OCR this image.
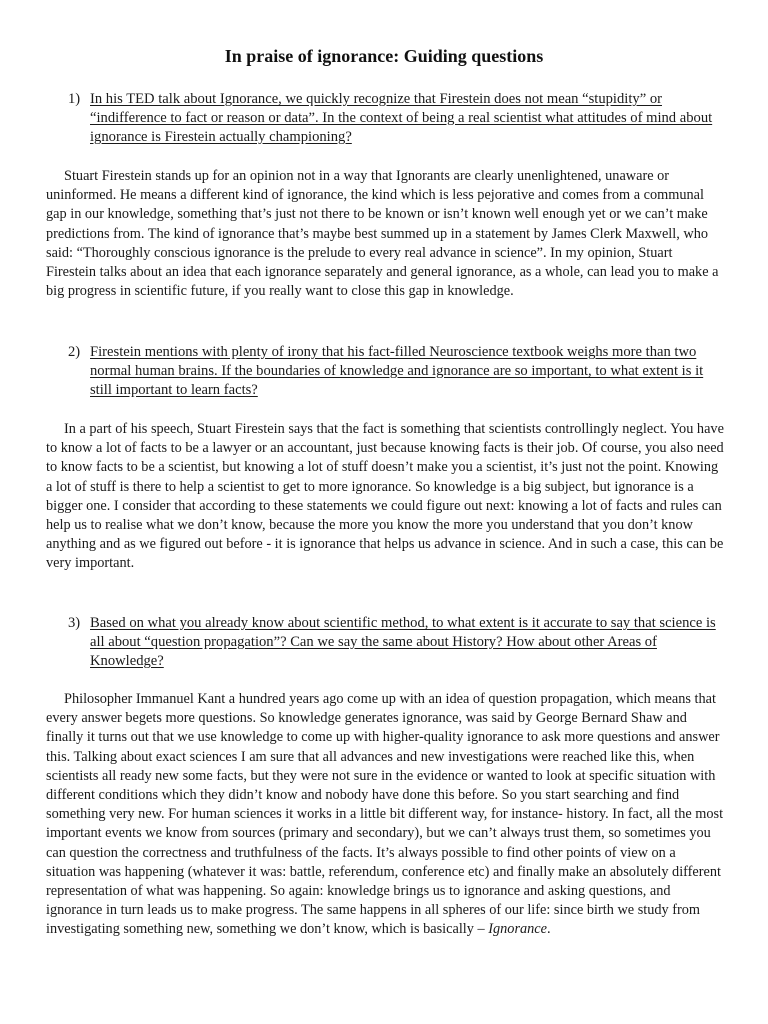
In praise of ignorance: Guiding questions
1) In his TED talk about Ignorance, we quickly recognize that Firestein does not mean “stupidity” or “indifference to fact or reason or data”. In the context of being a real scientist what attitudes of mind about ignorance is Firestein actually championing?

Stuart Firestein stands up for an opinion not in a way that Ignorants are clearly unenlightened, unaware or uninformed. He means a different kind of ignorance, the kind which is less pejorative and comes from a communal gap in our knowledge, something that’s just not there to be known or isn’t known well enough yet or we can’t make predictions from. The kind of ignorance that’s maybe best summed up in a statement by James Clerk Maxwell, who said: “Thoroughly conscious ignorance is the prelude to every real advance in science”. In my opinion, Stuart Firestein talks about an idea that each ignorance separately and general ignorance, as a whole, can lead you to make a big progress in scientific future, if you really want to close this gap in knowledge.

2) Firestein mentions with plenty of irony that his fact-filled Neuroscience textbook weighs more than two normal human brains. If the boundaries of knowledge and ignorance are so important, to what extent is it still important to learn facts?

In a part of his speech, Stuart Firestein says that the fact is something that scientists controllingly neglect. You have to know a lot of facts to be a lawyer or an accountant, just because knowing facts is their job. Of course, you also need to know facts to be a scientist, but knowing a lot of stuff doesn’t make you a scientist, it’s just not the point. Knowing a lot of stuff is there to help a scientist to get to more ignorance. So knowledge is a big subject, but ignorance is a bigger one. I consider that according to these statements we could figure out next: knowing a lot of facts and rules can help us to realise what we don’t know, because the more you know the more you understand that you don’t know anything and as we figured out before - it is ignorance that helps us advance in science. And in such a case, this can be very important.

3) Based on what you already know about scientific method, to what extent is it accurate to say that science is all about “question propagation”? Can we say the same about History? How about other Areas of Knowledge?

Philosopher Immanuel Kant a hundred years ago come up with an idea of question propagation, which means that every answer begets more questions. So knowledge generates ignorance, was said by George Bernard Shaw and finally it turns out that we use knowledge to come up with higher-quality ignorance to ask more questions and answer this. Talking about exact sciences I am sure that all advances and new investigations were reached like this, when scientists all ready new some facts, but they were not sure in the evidence or wanted to look at specific situation with different conditions which they didn’t know and nobody have done this before. So you start searching and find something very new. For human sciences it works in a little bit different way, for instance- history. In fact, all the most important events we know from sources (primary and secondary), but we can’t always trust them, so sometimes you can question the correctness and truthfulness of the facts. It’s always possible to find other points of view on a situation was happening (whatever it was: battle, referendum, conference etc) and finally make an absolutely different representation of what was happening. So again: knowledge brings us to ignorance and asking questions, and ignorance in turn leads us to make progress. The same happens in all spheres of our life: since birth we study from investigating something new, something we don’t know, which is basically – Ignorance.
